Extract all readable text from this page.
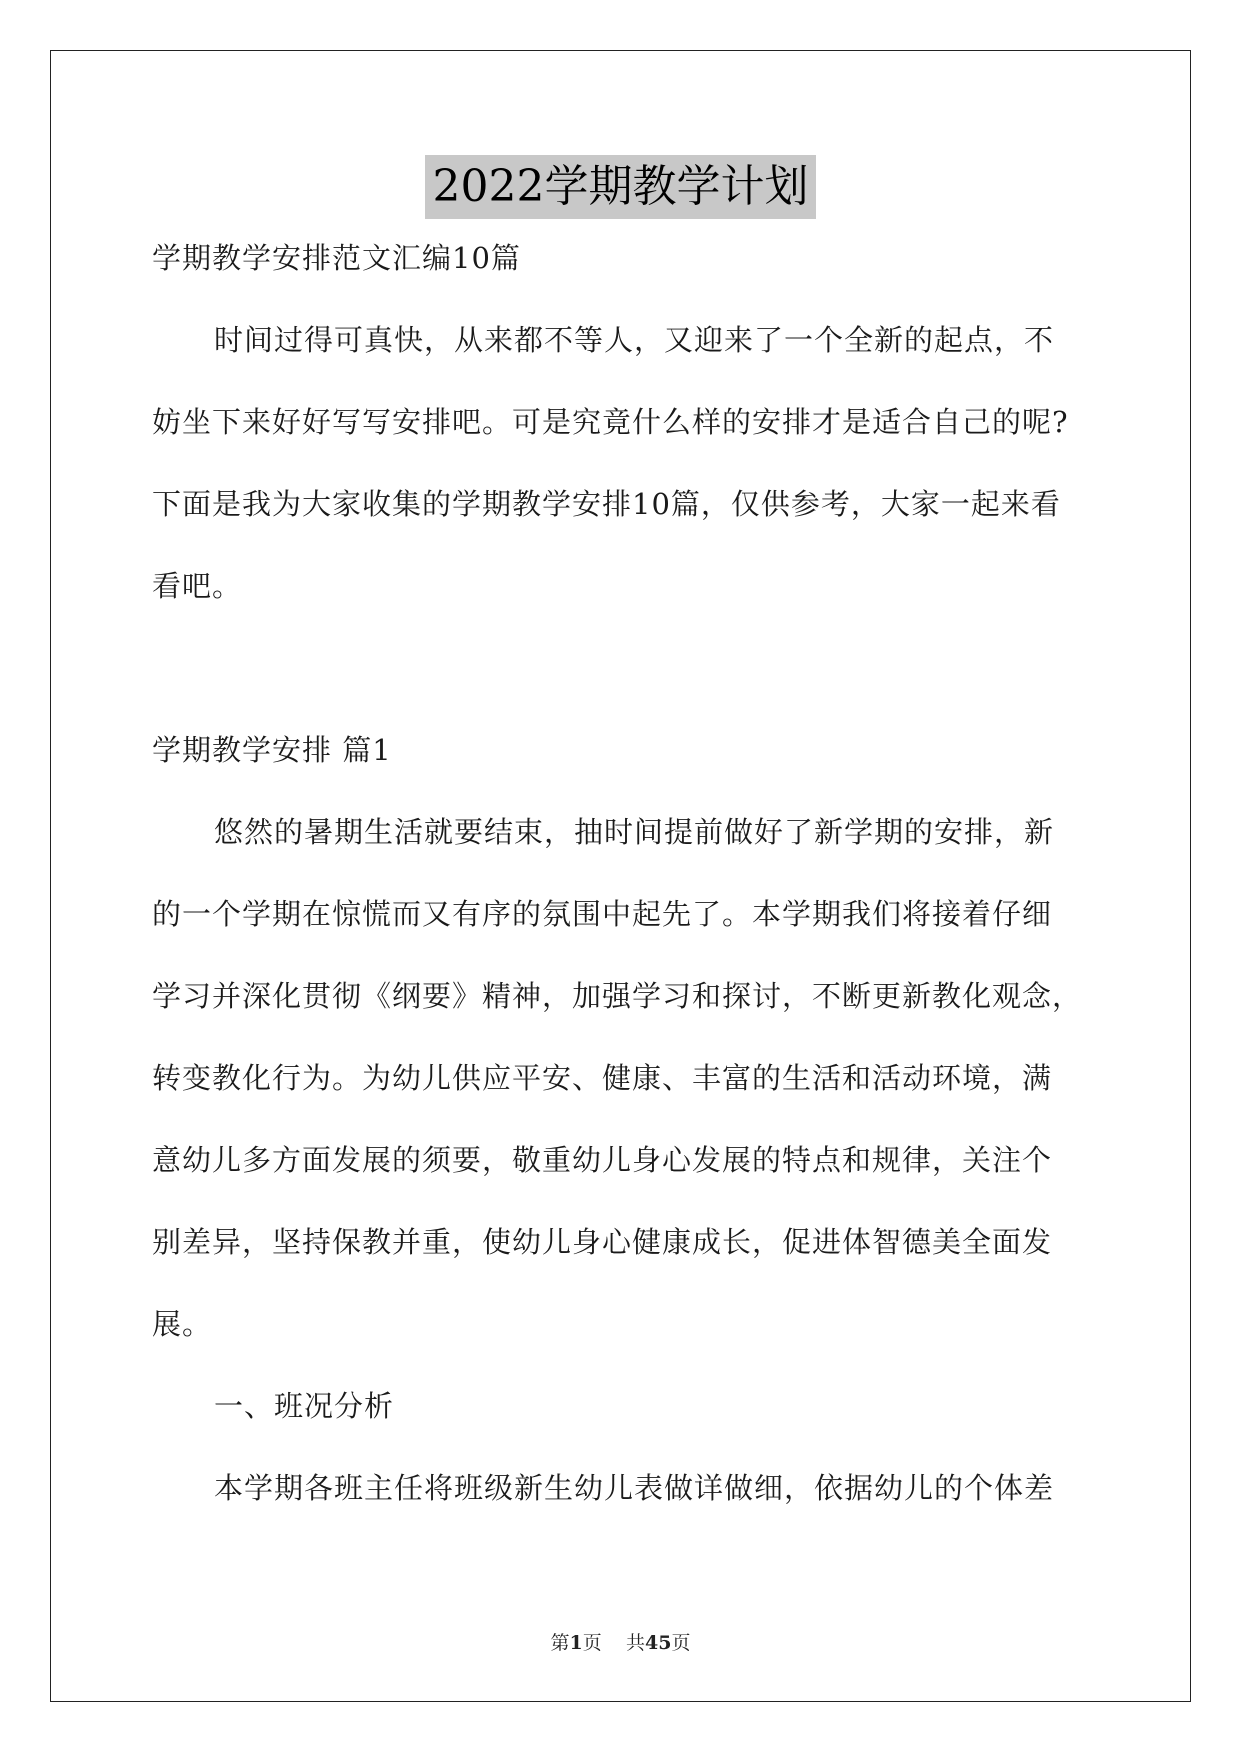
2022学期教学计划
学期教学安排范文汇编10篇
时间过得可真快，从来都不等人，又迎来了一个全新的起点，不
妨坐下来好好写写安排吧。可是究竟什么样的安排才是适合自己的呢?
下面是我为大家收集的学期教学安排10篇，仅供参考，大家一起来看
看吧。
学期教学安排 篇1
悠然的暑期生活就要结束，抽时间提前做好了新学期的安排，新
的一个学期在惊慌而又有序的氛围中起先了。本学期我们将接着仔细
学习并深化贯彻《纲要》精神，加强学习和探讨，不断更新教化观念，
转变教化行为。为幼儿供应平安、健康、丰富的生活和活动环境，满
意幼儿多方面发展的须要，敬重幼儿身心发展的特点和规律，关注个
别差异，坚持保教并重，使幼儿身心健康成长，促进体智德美全面发
展。
一、班况分析
本学期各班主任将班级新生幼儿表做详做细，依据幼儿的个体差
第1页 共45页
